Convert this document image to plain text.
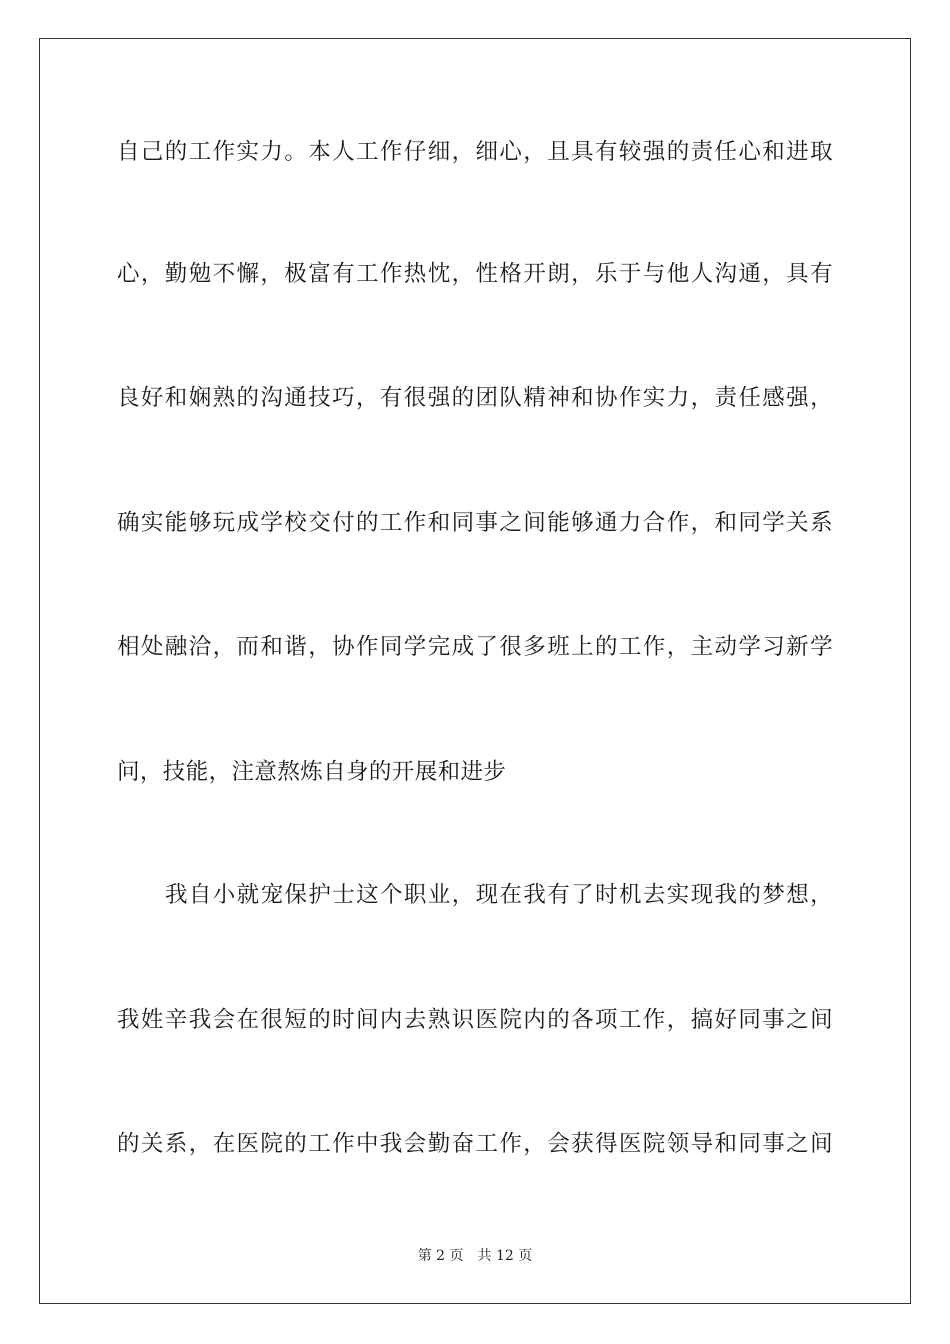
自己的工作实力。本人工作仔细，细心，且具有较强的责任心和进取
心，勤勉不懈，极富有工作热忱，性格开朗，乐于与他人沟通，具有
良好和娴熟的沟通技巧，有很强的团队精神和协作实力，责任感强，
确实能够玩成学校交付的工作和同事之间能够通力合作，和同学关系
相处融洽，而和谐，协作同学完成了很多班上的工作，主动学习新学
问，技能，注意熬炼自身的开展和进步
我自小就宠保护士这个职业，现在我有了时机去实现我的梦想，
我姓辛我会在很短的时间内去熟识医院内的各项工作，搞好同事之间
的关系，在医院的工作中我会勤奋工作，会获得医院领导和同事之间
第 2 页　共 12 页
